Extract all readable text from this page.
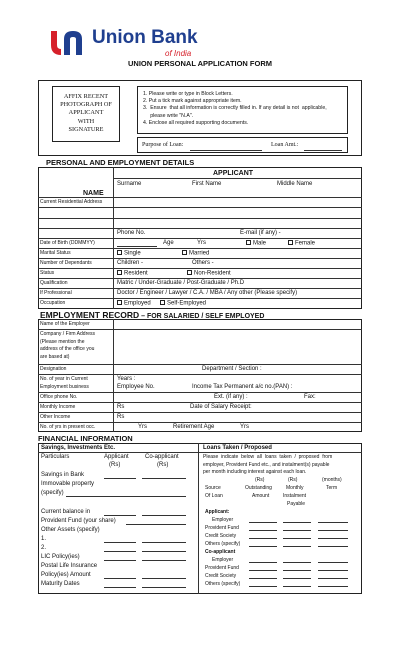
Union Bank
of India
UNION PERSONAL APPLICATION FORM
AFFIX RECENT
PHOTOGRAPH OF
APPLICANT
WITH
SIGNATURE
1. Please write or type in Block Letters.
2. Put a tick mark against appropriate item.
3.  Ensure  that all information is correctly filled in. If any detail is not  applicable,
please write "N.A".
4. Enclose all required supporting documents.
Purpose of Loan:	Loan Amt.:
PERSONAL AND EMPLOYMENT DETAILS
APPLICANT
Surname	First Name	Middle Name
NAME
Current Residential Address
Phone No.	E-mail (if any) -
Date of Birth (DDMMYY)	Age	Yrs	Male	Female
Marital Status	Single	Married
Number of Dependants	Children -	Others -
Status	Resident	Non-Resident
Qualification	Matric / Under-Graduate / Post-Graduate / Ph.D
If Professional	Doctor / Engineer / Lawyer / C.A. / MBA / Any other (Please specify)
Occupation	Employed	Self-Employed
EMPLOYMENT RECORD – FOR SALARIED / SELF EMPLOYED
Name of the Employer
Company / Firm Address
(Please mention the
address of the office you
are based at)
Designation	Department / Section :
No. of year in Current
Employment business
Years :
Employee No.	Income Tax Permanent a/c no.(PAN) :
Office phone No.	Ext. (if any) :	Fax:
Monthly Income	Rs	Date of Salary Receipt:
Other Income	Rs
No. of yrs in present occ.	Yrs	Retirement Age	Yrs
FINANCIAL INFORMATION
Savings, Investments Etc.
Particulars	Applicant	Co-applicant
(Rs)	(Rs)
Savings in Bank
Immovable property
(specify)
Current balance in
Provident Fund (your share)
Other Assets (specify)
1.
2.
LIC Policy(ies)
Postal Life Insurance
Policy(ies) Amount
Maturity Dates
Loans Taken / Proposed
Please  indicate  below  all  loans  taken  /  proposed  from
employer, Provident Fund etc., and instalment(s) payable
per month including interest against each loan.
(Rs)	(Rs)	(months)
Source	Outstanding	Monthly	Term
Of Loan	Amount	Instalment
Payable
Applicant:
Employer
Provident Fund
Credit Society
Others (specify)
Co-applicant
Employer
Provident Fund
Credit Society
Others (specify)
